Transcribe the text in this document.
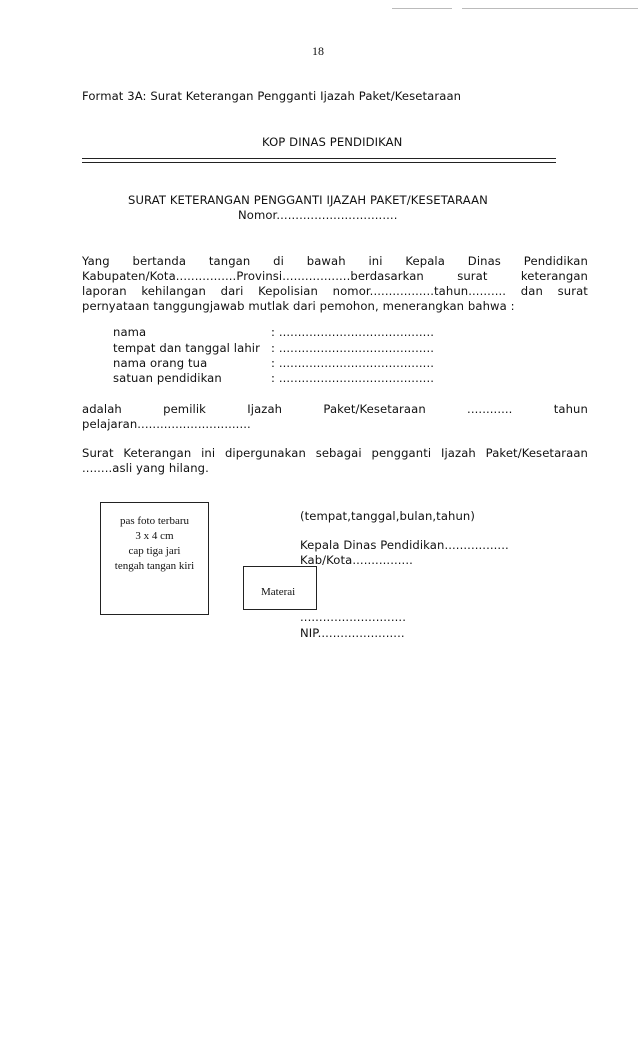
18
Format 3A: Surat Keterangan Pengganti Ijazah Paket/Kesetaraan
KOP DINAS PENDIDIKAN
SURAT KETERANGAN PENGGANTI IJAZAH PAKET/KESETARAAN
Nomor................................
Yang bertanda tangan di bawah ini Kepala Dinas Pendidikan
Kabupaten/Kota................Provinsi..................berdasarkan	surat	keterangan
laporan kehilangan dari Kepolisian nomor.................tahun.......... dan surat
pernyataan tanggungjawab mutlak dari pemohon, menerangkan bahwa :
nama	: .........................................
tempat dan tanggal lahir : .........................................
nama orang tua	: .........................................
satuan pendidikan	: .........................................
adalah	pemilik	Ijazah	Paket/Kesetaraan	............	tahun
pelajaran..............................
Surat Keterangan ini dipergunakan sebagai pengganti Ijazah Paket/Kesetaraan
........asli yang hilang.
pas foto terbaru
3 x 4 cm
cap tiga jari
tengah tangan kiri
(tempat,tanggal,bulan,tahun)
Kepala Dinas Pendidikan.................
Kab/Kota................
Materai
............................
NIP.......................
